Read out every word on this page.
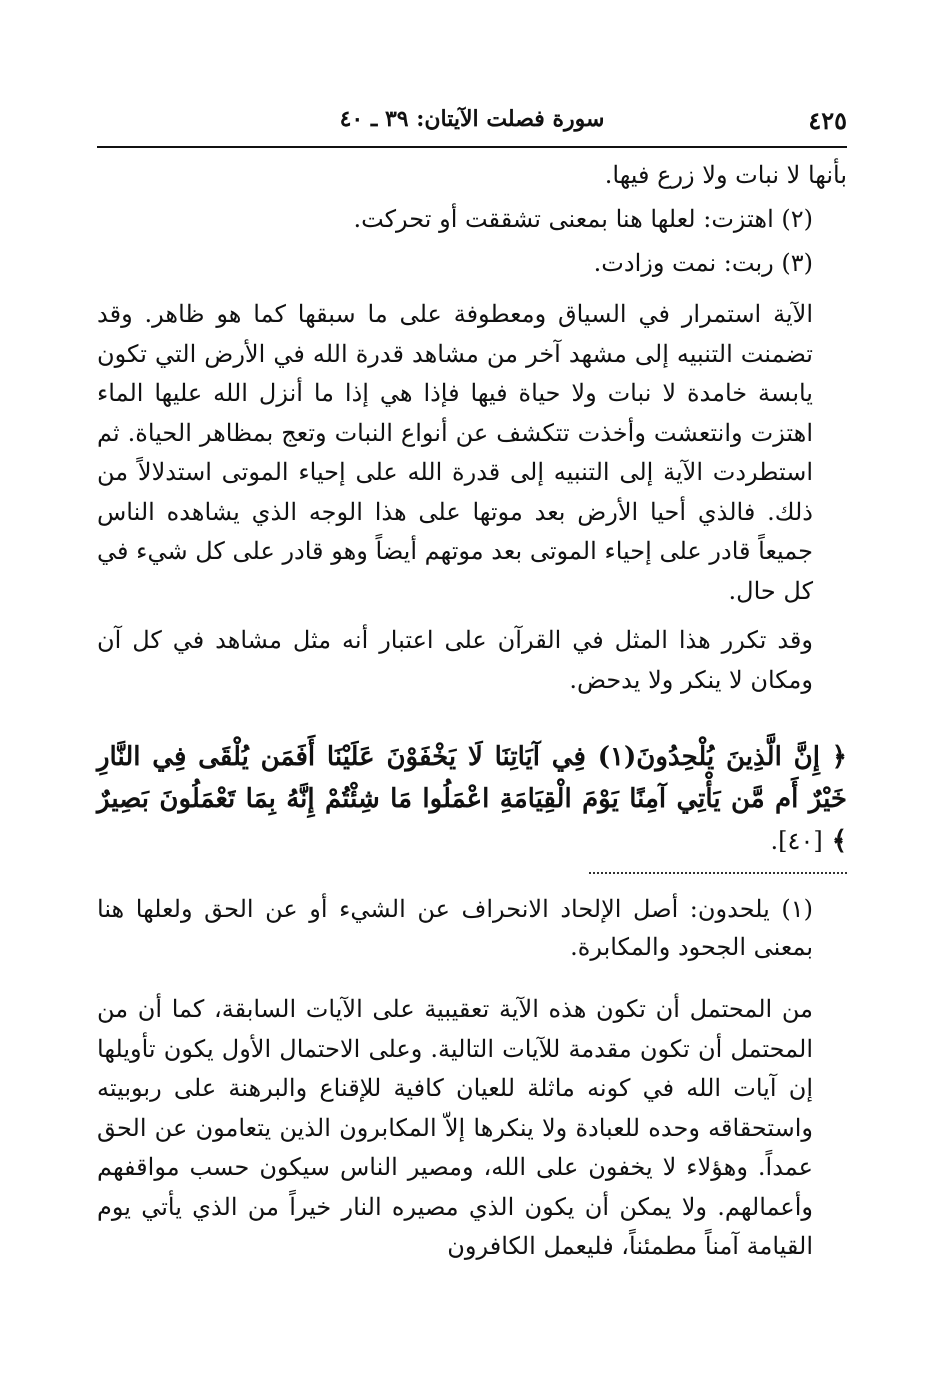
٤٢٥
سورة فصلت الآيتان: ٣٩ ـ ٤٠

بأنها لا نبات ولا زرع فيها.

(٢) اهتزت: لعلها هنا بمعنى تشققت أو تحركت.

(٣) ربت: نمت وزادت.

الآية استمرار في السياق ومعطوفة على ما سبقها كما هو ظاهر. وقد تضمنت التنبيه إلى مشهد آخر من مشاهد قدرة الله في الأرض التي تكون يابسة خامدة لا نبات ولا حياة فيها فإذا هي إذا ما أنزل الله عليها الماء اهتزت وانتعشت وأخذت تتكشف عن أنواع النبات وتعج بمظاهر الحياة. ثم استطردت الآية إلى التنبيه إلى قدرة الله على إحياء الموتى استدلالاً من ذلك. فالذي أحيا الأرض بعد موتها على هذا الوجه الذي يشاهده الناس جميعاً قادر على إحياء الموتى بعد موتهم أيضاً وهو قادر على كل شيء في كل حال.

وقد تكرر هذا المثل في القرآن على اعتبار أنه مثل مشاهد في كل آن ومكان لا ينكر ولا يدحض.

﴿ إِنَّ الَّذِينَ يُلْحِدُونَ(١) فِي آيَاتِنَا لَا يَخْفَوْنَ عَلَيْنَا أَفَمَن يُلْقَى فِي النَّارِ خَيْرٌ أَم مَّن يَأْتِي آمِنًا يَوْمَ الْقِيَامَةِ اعْمَلُوا مَا شِئْتُمْ إِنَّهُ بِمَا تَعْمَلُونَ بَصِيرٌ ﴾ [٤٠].

(١) يلحدون: أصل الإلحاد الانحراف عن الشيء أو عن الحق ولعلها هنا بمعنى الجحود والمكابرة.

من المحتمل أن تكون هذه الآية تعقيبية على الآيات السابقة، كما أن من المحتمل أن تكون مقدمة للآيات التالية. وعلى الاحتمال الأول يكون تأويلها إن آيات الله في كونه ماثلة للعيان كافية للإقناع والبرهنة على ربوبيته واستحقاقه وحده للعبادة ولا ينكرها إلاّ المكابرون الذين يتعامون عن الحق عمداً. وهؤلاء لا يخفون على الله، ومصير الناس سيكون حسب مواقفهم وأعمالهم. ولا يمكن أن يكون الذي مصيره النار خيراً من الذي يأتي يوم القيامة آمناً مطمئناً، فليعمل الكافرون
